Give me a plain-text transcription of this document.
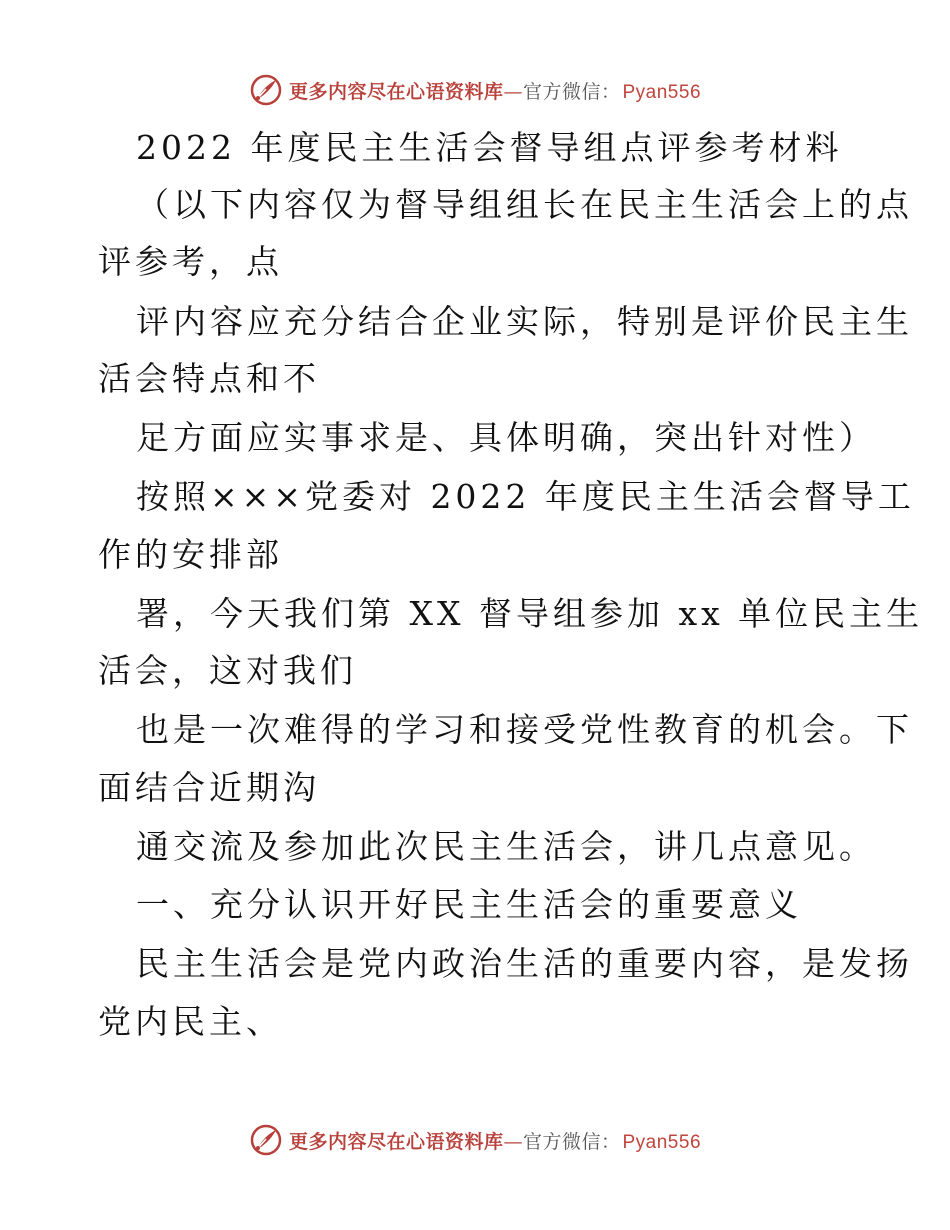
更多内容尽在心语资料库—官方微信： Pyan556
2022 年度民主生活会督导组点评参考材料
（以下内容仅为督导组组长在民主生活会上的点
评参考，点
评内容应充分结合企业实际，特别是评价民主生
活会特点和不
足方面应实事求是、具体明确，突出针对性）
按照×××党委对 2022 年度民主生活会督导工
作的安排部
署，今天我们第 XX 督导组参加 xx 单位民主生
活会，这对我们
也是一次难得的学习和接受党性教育的机会。下
面结合近期沟
通交流及参加此次民主生活会，讲几点意见。
一、充分认识开好民主生活会的重要意义
民主生活会是党内政治生活的重要内容，是发扬
党内民主、
更多内容尽在心语资料库—官方微信： Pyan556
